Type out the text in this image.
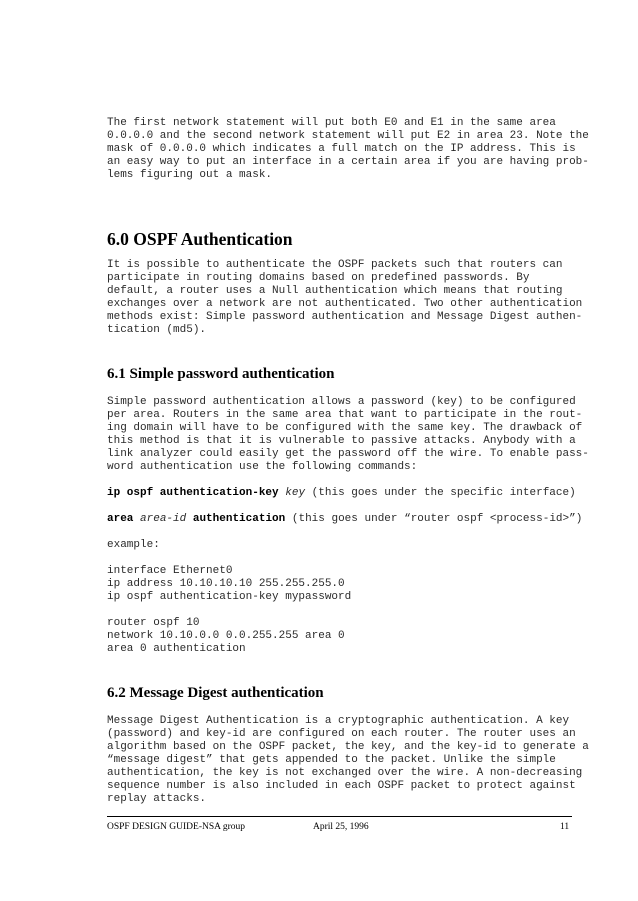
The first network statement will put both E0 and E1 in the same area
0.0.0.0 and the second network statement will put E2 in area 23. Note the
mask of 0.0.0.0 which indicates a full match on the IP address. This is
an easy way to put an interface in a certain area if you are having prob-
lems figuring out a mask.

6.0 OSPF Authentication

It is possible to authenticate the OSPF packets such that routers can
participate in routing domains based on predefined passwords. By
default, a router uses a Null authentication which means that routing
exchanges over a network are not authenticated. Two other authentication
methods exist: Simple password authentication and Message Digest authen-
tication (md5).

6.1 Simple password authentication

Simple password authentication allows a password (key) to be configured
per area. Routers in the same area that want to participate in the rout-
ing domain will have to be configured with the same key. The drawback of
this method is that it is vulnerable to passive attacks. Anybody with a
link analyzer could easily get the password off the wire. To enable pass-
word authentication use the following commands:

ip ospf authentication-key key (this goes under the specific interface)

area area-id authentication (this goes under “router ospf <process-id>”)

example:

interface Ethernet0
ip address 10.10.10.10 255.255.255.0
ip ospf authentication-key mypassword

router ospf 10
network 10.10.0.0 0.0.255.255 area 0
area 0 authentication

6.2 Message Digest authentication

Message Digest Authentication is a cryptographic authentication. A key
(password) and key-id are configured on each router. The router uses an
algorithm based on the OSPF packet, the key, and the key-id to generate a
“message digest” that gets appended to the packet. Unlike the simple
authentication, the key is not exchanged over the wire. A non-decreasing
sequence number is also included in each OSPF packet to protect against
replay attacks.

OSPF DESIGN GUIDE-NSA group	April 25, 1996	11
